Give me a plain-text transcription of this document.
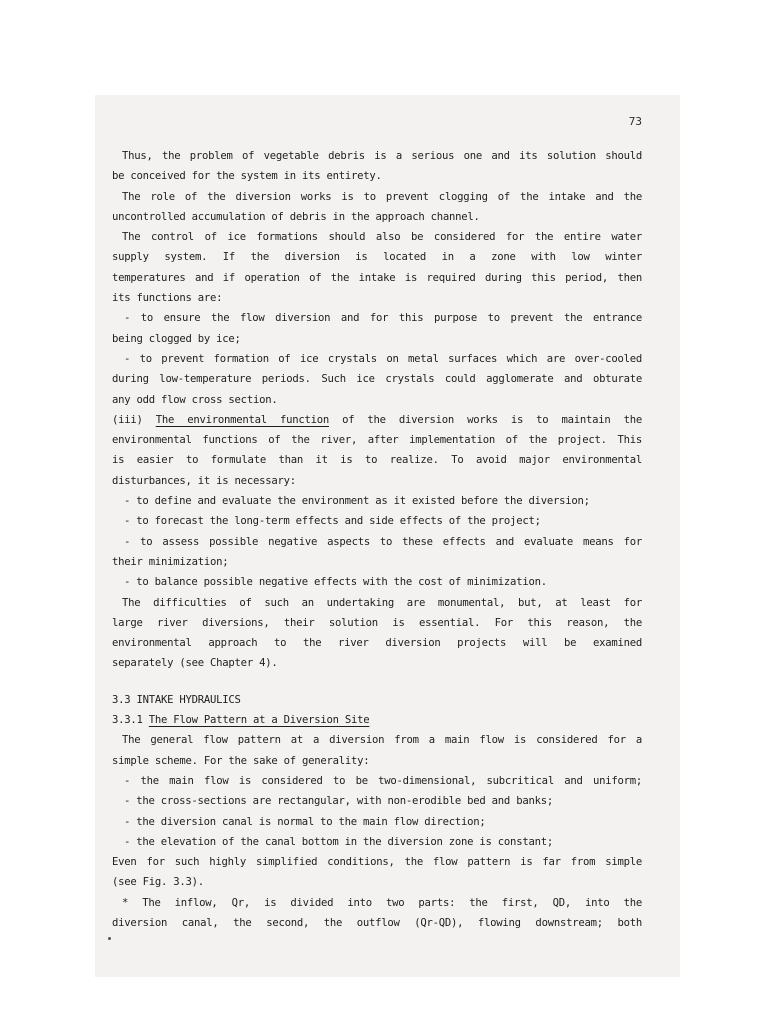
73
Thus, the problem of vegetable debris is a serious one and its solution should
be conceived for the system in its entirety.
The role of the diversion works is to prevent clogging of the intake and the
uncontrolled accumulation of debris in the approach channel.
The control of ice formations should also be considered for the entire water
supply system. If the diversion is located in a zone with low winter
temperatures and if operation of the intake is required during this period, then
its functions are:
- to ensure the flow diversion and for this purpose to prevent the entrance
being clogged by ice;
- to prevent formation of ice crystals on metal surfaces which are over-cooled
during low-temperature periods. Such ice crystals could agglomerate and obturate
any odd flow cross section.
(iii) The environmental function of the diversion works is to maintain the
environmental functions of the river, after implementation of the project. This
is easier to formulate than it is to realize. To avoid major environmental
disturbances, it is necessary:
- to define and evaluate the environment as it existed before the diversion;
- to forecast the long-term effects and side effects of the project;
- to assess possible negative aspects to these effects and evaluate means for
their minimization;
- to balance possible negative effects with the cost of minimization.
The difficulties of such an undertaking are monumental, but, at least for
large river diversions, their solution is essential. For this reason, the
environmental approach to the river diversion projects will be examined
separately (see Chapter 4).
3.3 INTAKE HYDRAULICS
3.3.1 The Flow Pattern at a Diversion Site
The general flow pattern at a diversion from a main flow is considered for a
simple scheme. For the sake of generality:
- the main flow is considered to be two-dimensional, subcritical and uniform;
- the cross-sections are rectangular, with non-erodible bed and banks;
- the diversion canal is normal to the main flow direction;
- the elevation of the canal bottom in the diversion zone is constant;
Even for such highly simplified conditions, the flow pattern is far from simple
(see Fig. 3.3).
* The inflow, Qr, is divided into two parts: the first, QD, into the
diversion canal, the second, the outflow (Qr-QD), flowing downstream; both
